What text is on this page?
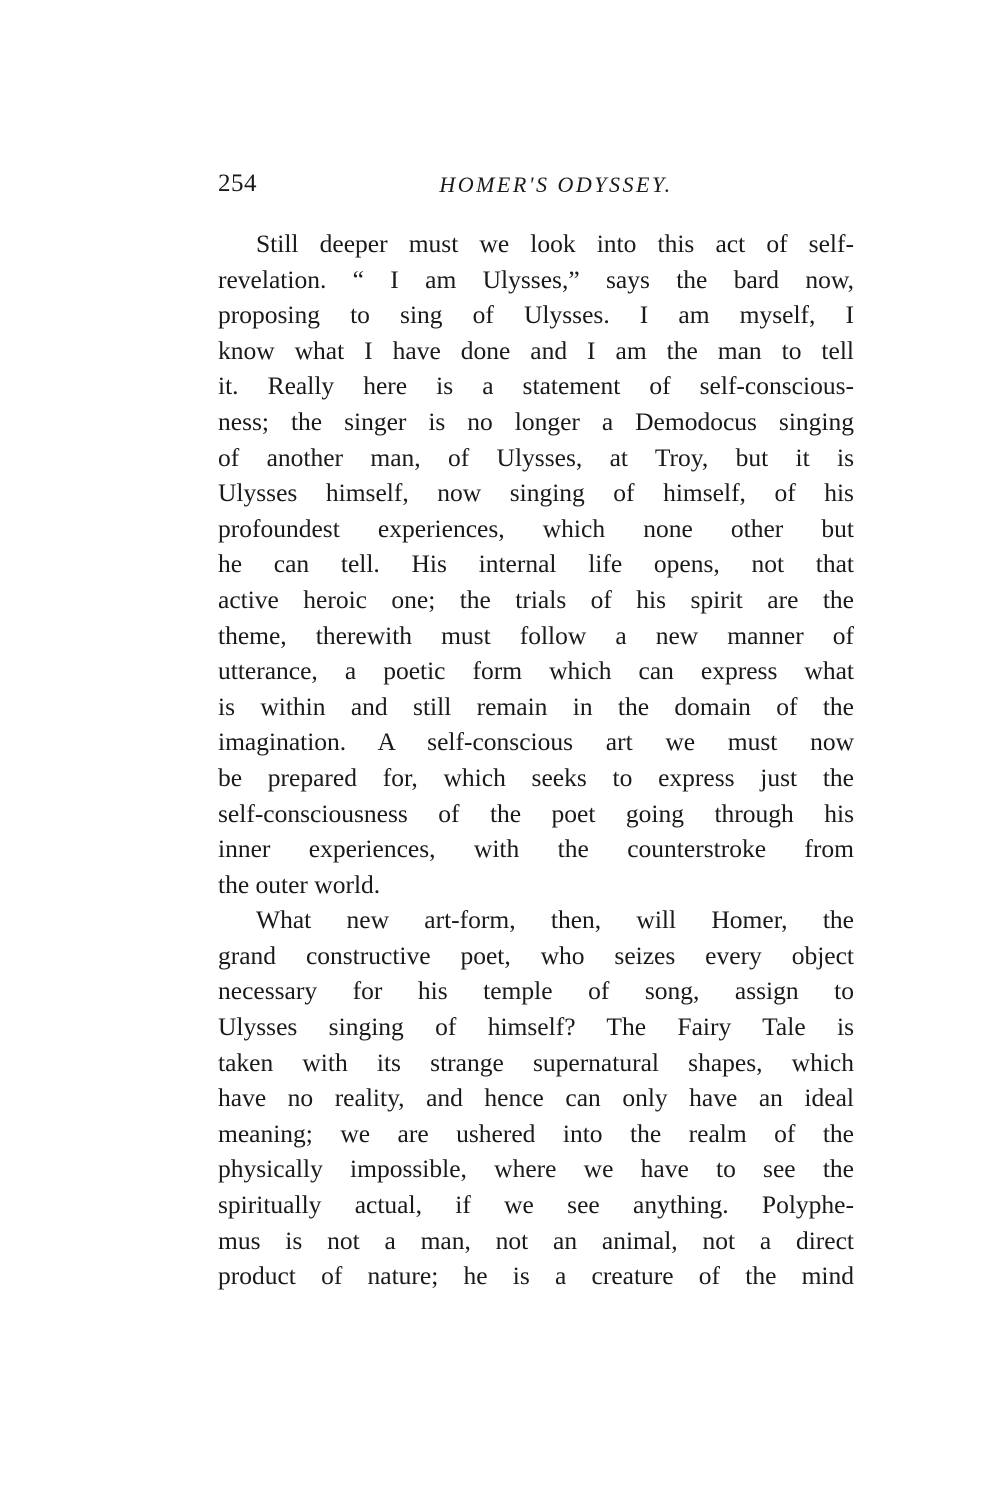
254	HOMER'S ODYSSEY.
Still deeper must we look into this act of self-
revelation. “ I am Ulysses,” says the bard now,
proposing to sing of Ulysses. I am myself, I
know what I have done and I am the man to tell
it. Really here is a statement of self-conscious-
ness; the singer is no longer a Demodocus singing
of another man, of Ulysses, at Troy, but it is
Ulysses himself, now singing of himself, of his
profoundest experiences, which none other but
he can tell. His internal life opens, not that
active heroic one; the trials of his spirit are the
theme, therewith must follow a new manner of
utterance, a poetic form which can express what
is within and still remain in the domain of the
imagination. A self-conscious art we must now
be prepared for, which seeks to express just the
self-consciousness of the poet going through his
inner experiences, with the counterstroke from
the outer world.
What new art-form, then, will Homer, the
grand constructive poet, who seizes every object
necessary for his temple of song, assign to
Ulysses singing of himself? The Fairy Tale is
taken with its strange supernatural shapes, which
have no reality, and hence can only have an ideal
meaning; we are ushered into the realm of the
physically impossible, where we have to see the
spiritually actual, if we see anything. Polyphe-
mus is not a man, not an animal, not a direct
product of nature; he is a creature of the mind
